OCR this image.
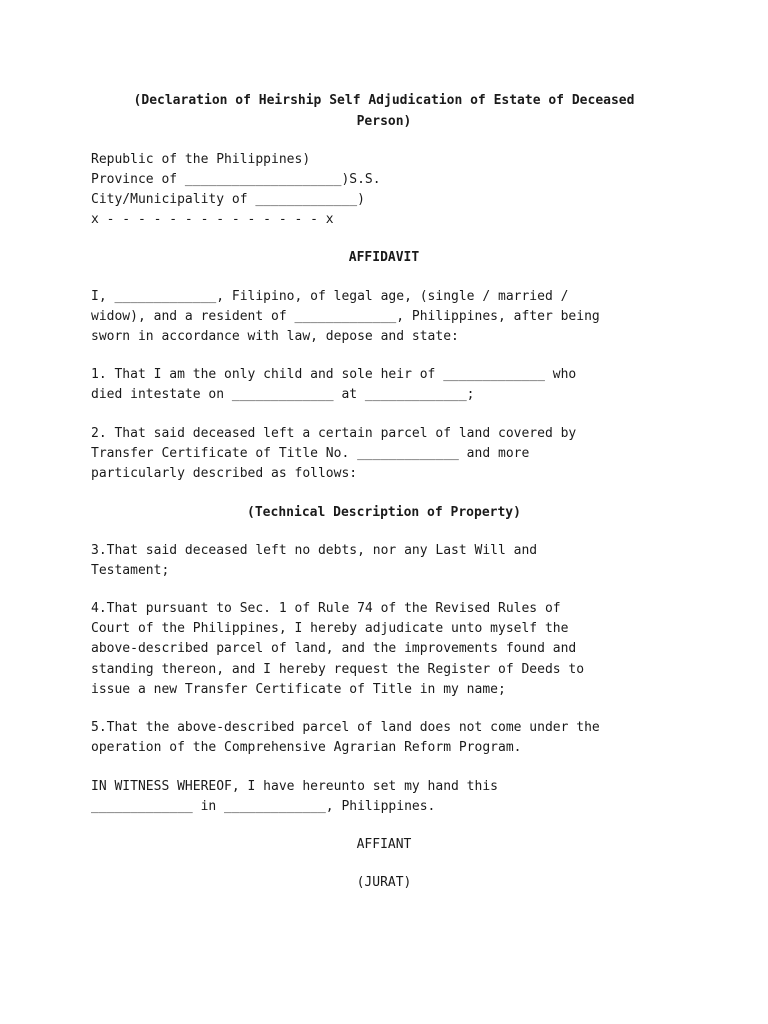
(Declaration of Heirship Self Adjudication of Estate of Deceased

Person)

Republic of the Philippines)

Province of ____________________)S.S.

City/Municipality of _____________)

x - - - - - - - - - - - - - - x

AFFIDAVIT

I, _____________, Filipino, of legal age, (single / married /

widow), and a resident of _____________, Philippines, after being

sworn in accordance with law, depose and state:

1. That I am the only child and sole heir of _____________ who

died intestate on _____________ at _____________;

2. That said deceased left a certain parcel of land covered by

Transfer Certificate of Title No. _____________ and more

particularly described as follows:

(Technical Description of Property)

3.That said deceased left no debts, nor any Last Will and

Testament;

4.That pursuant to Sec. 1 of Rule 74 of the Revised Rules of

Court of the Philippines, I hereby adjudicate unto myself the

above-described parcel of land, and the improvements found and

standing thereon, and I hereby request the Register of Deeds to

issue a new Transfer Certificate of Title in my name;

5.That the above-described parcel of land does not come under the

operation of the Comprehensive Agrarian Reform Program.

IN WITNESS WHEREOF, I have hereunto set my hand this

_____________ in _____________, Philippines.

AFFIANT

(JURAT)
